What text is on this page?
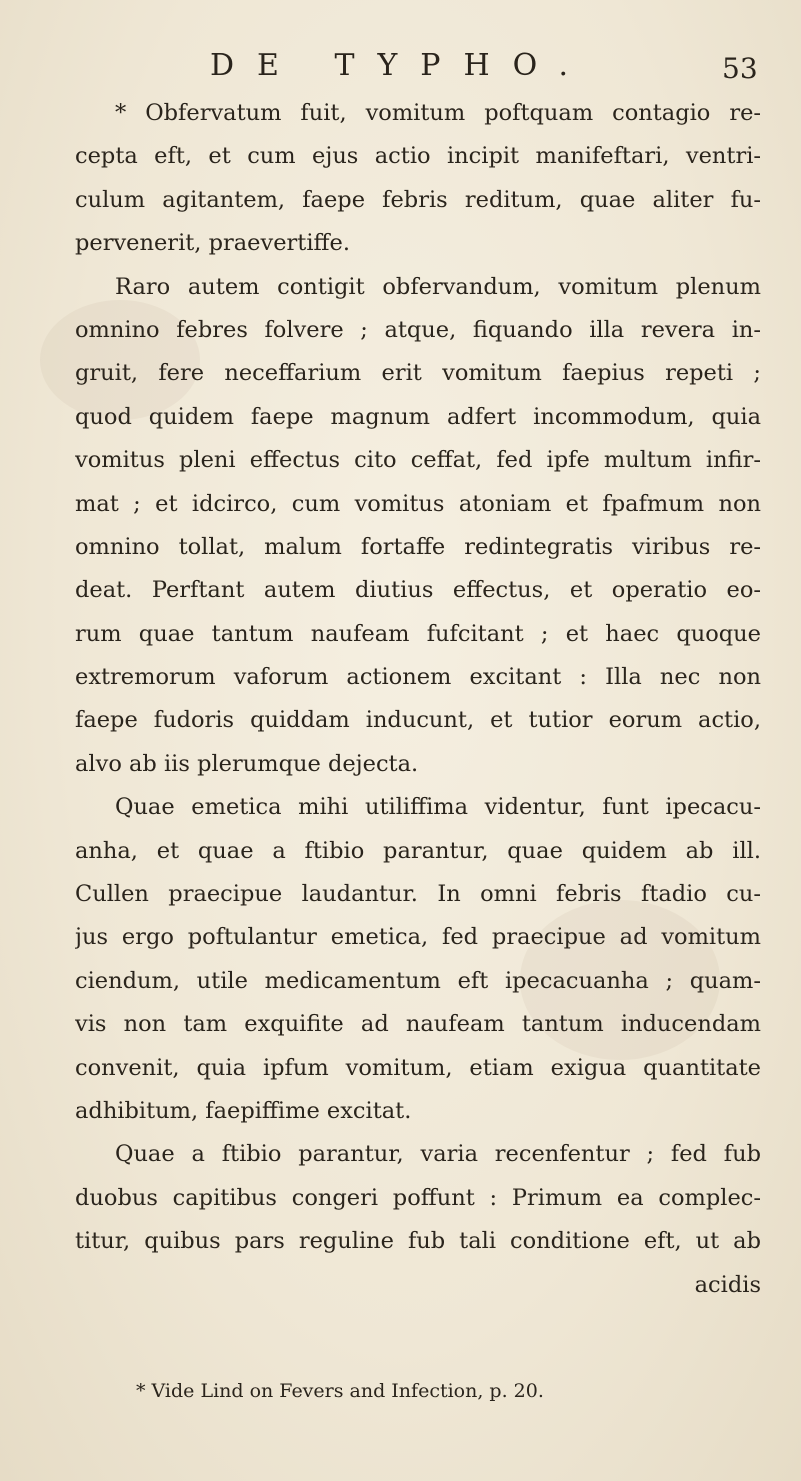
DE TYPHO.	53
* Obfervatum fuit, vomitum poftquam contagio re-
cepta eft, et cum ejus actio incipit manifeftari, ventri-
culum agitantem, faepe febris reditum, quae aliter fu-
pervenerit, praevertiffe.
Raro autem contigit obfervandum, vomitum plenum
omnino febres folvere ; atque, fiquando illa revera in-
gruit, fere neceffarium erit vomitum faepius repeti ;
quod quidem faepe magnum adfert incommodum, quia
vomitus pleni effectus cito ceffat, fed ipfe multum infir-
mat ; et idcirco, cum vomitus atoniam et fpafmum non
omnino tollat, malum fortaffe redintegratis viribus re-
deat. Perftant autem diutius effectus, et operatio eo-
rum quae tantum naufeam fufcitant ; et haec quoque
extremorum vaforum actionem excitant : Illa nec non
faepe fudoris quiddam inducunt, et tutior eorum actio,
alvo ab iis plerumque dejecta.
Quae emetica mihi utiliffima videntur, funt ipecacu-
anha, et quae a ftibio parantur, quae quidem ab ill.
Cullen praecipue laudantur. In omni febris ftadio cu-
jus ergo poftulantur emetica, fed praecipue ad vomitum
ciendum, utile medicamentum eft ipecacuanha ; quam-
vis non tam exquifite ad naufeam tantum inducendam
convenit, quia ipfum vomitum, etiam exigua quantitate
adhibitum, faepiffime excitat.
Quae a ftibio parantur, varia recenfentur ; fed fub
duobus capitibus congeri poffunt : Primum ea complec-
titur, quibus pars reguline fub tali conditione eft, ut ab
acidis
* Vide Lind on Fevers and Infection, p. 20.
